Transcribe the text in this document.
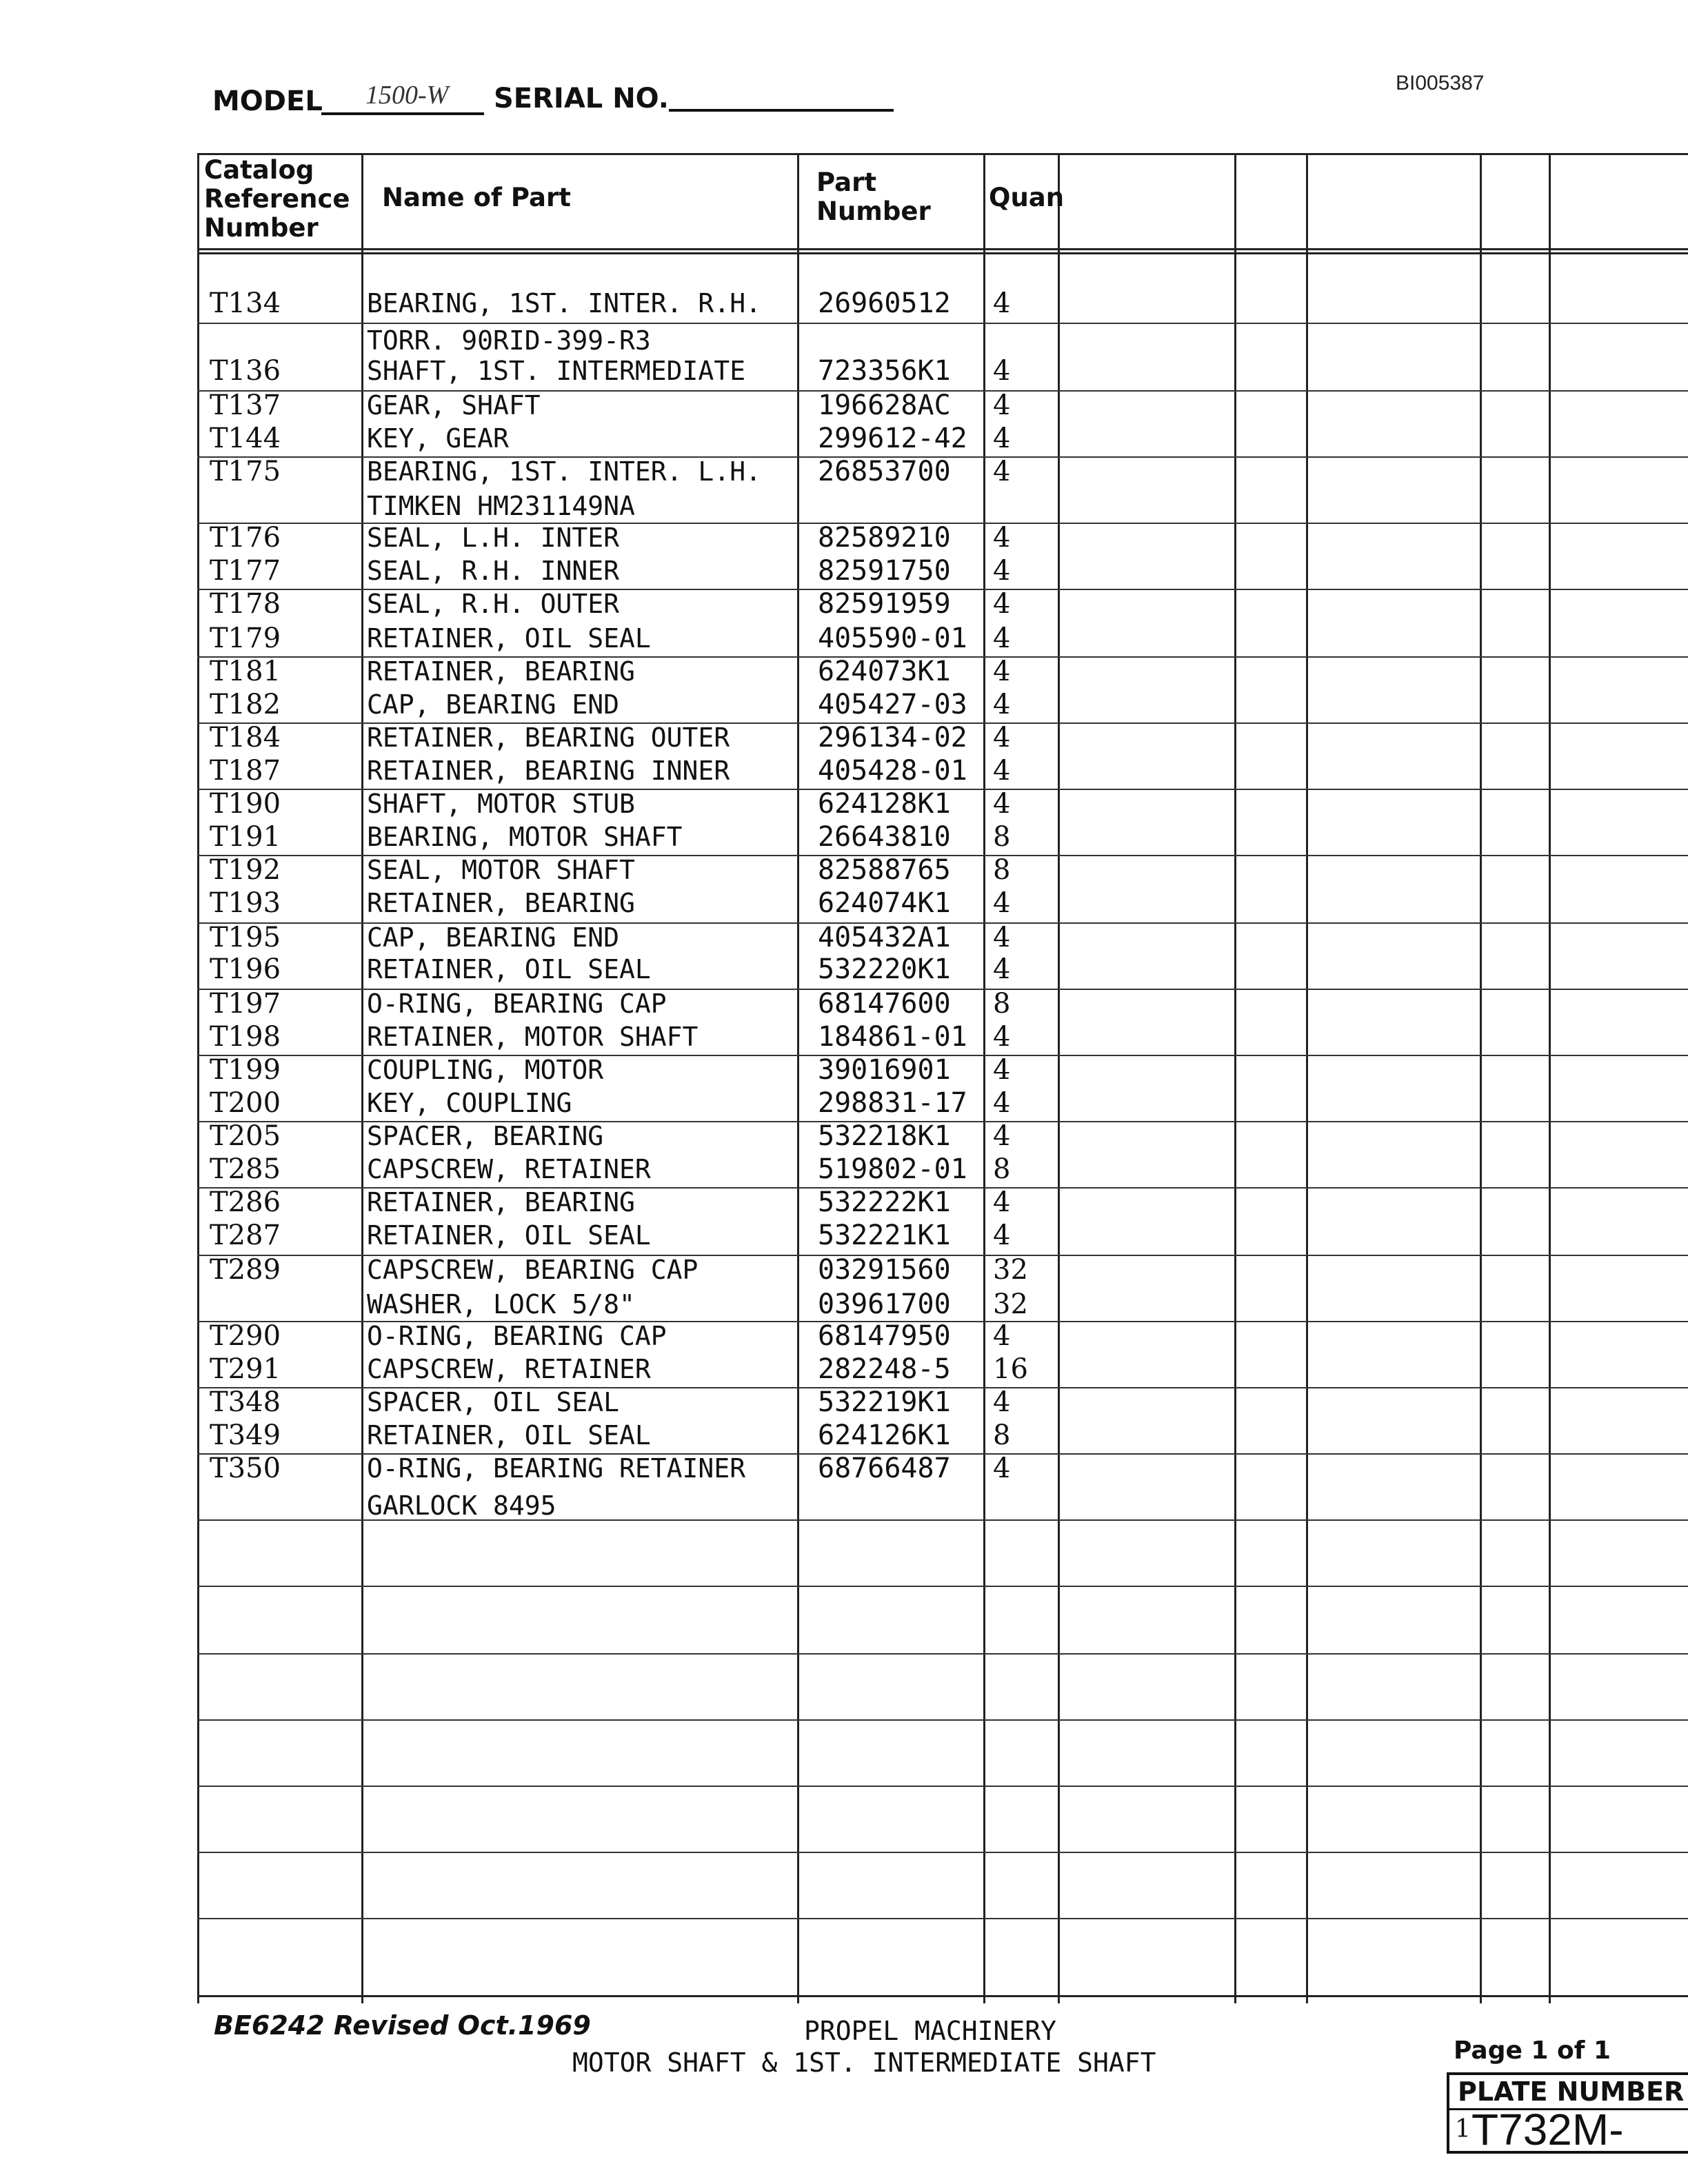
MODEL 1500-W SERIAL NO.	BI005387
Catalog Reference Number
Name of Part
Part Number Quan
T134	BEARING, 1ST. INTER. R.H. 26960512 4
TORR. 90RID-399-R3
T136	SHAFT, 1ST. INTERMEDIATE	723356K1 4
T137	GEAR, SHAFT	196628AC 4
T144	KEY, GEAR	299612-42 4
T175	BEARING, 1ST. INTER. L.H. 26853700 4
TIMKEN HM231149NA
T176	SEAL, L.H. INTER	82589210 4
T177	SEAL, R.H. INNER	82591750 4
T178	SEAL, R.H. OUTER	82591959 4
T179	RETAINER, OIL SEAL	405590-01 4
T181	RETAINER, BEARING	624073K1 4
T182	CAP, BEARING END	405427-03 4
T184	RETAINER, BEARING OUTER	296134-02 4
T187	RETAINER, BEARING INNER	405428-01 4
T190	SHAFT, MOTOR STUB	624128K1 4
T191	BEARING, MOTOR SHAFT	26643810 8
T192	SEAL, MOTOR SHAFT	82588765 8
T193	RETAINER, BEARING	624074K1 4
T195	CAP, BEARING END	405432A1 4
T196	RETAINER, OIL SEAL	532220K1 4
T197	O-RING, BEARING CAP	68147600 8
T198	RETAINER, MOTOR SHAFT	184861-01 4
T199	COUPLING, MOTOR	39016901 4
T200	KEY, COUPLING	298831-17 4
T205	SPACER, BEARING	532218K1 4
T285	CAPSCREW, RETAINER	519802-01 8
T286	RETAINER, BEARING	532222K1 4
T287	RETAINER, OIL SEAL	532221K1 4
T289	CAPSCREW, BEARING CAP	03291560 32
WASHER, LOCK 5/8"	03961700 32
T290	O-RING, BEARING CAP	68147950 4
T291	CAPSCREW, RETAINER	282248-5 16
T348	SPACER, OIL SEAL	532219K1 4
T349	RETAINER, OIL SEAL	624126K1 8
T350	O-RING, BEARING RETAINER	68766487 4
GARLOCK 8495
BE6242 Revised Oct.1969	PROPEL MACHINERY
MOTOR SHAFT & 1ST. INTERMEDIATE SHAFT	Page 1 of 1
PLATE NUMBER
1 T732M-
